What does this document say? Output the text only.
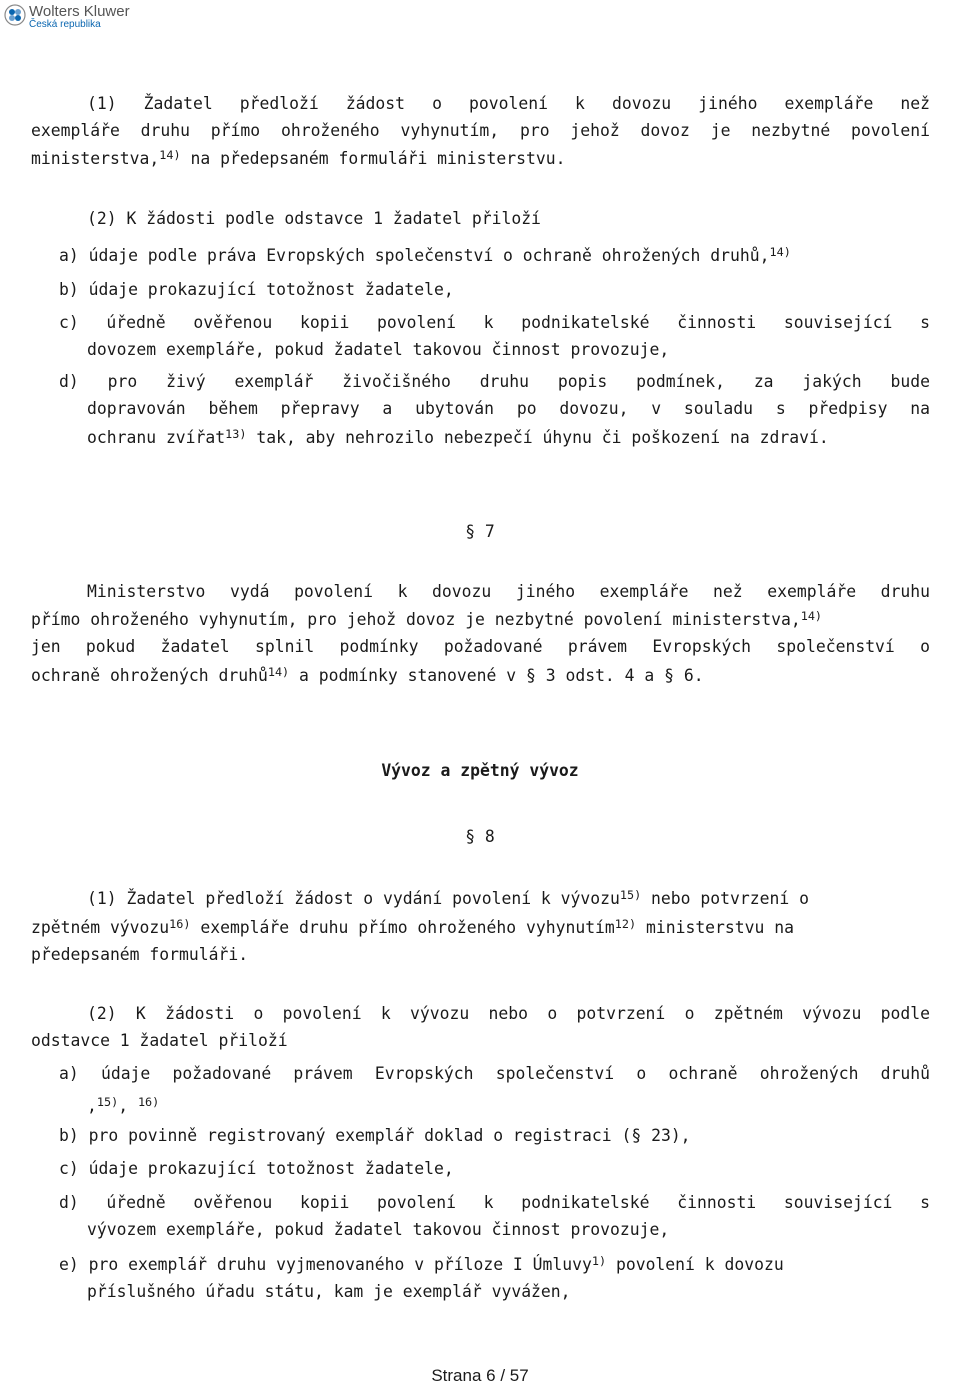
Wolters Kluwer
Česká republika
(1) Žadatel předloží žádost o povolení k dovozu jiného exempláře než
exempláře druhu přímo ohroženého vyhynutím, pro jehož dovoz je nezbytné povolení
ministerstva,$^{14)}$ na předepsaném formuláři ministerstvu.
(2) K žádosti podle odstavce 1 žadatel přiloží
a) údaje podle práva Evropských společenství o ochraně ohrožených druhů,$^{14)}$
b) údaje prokazující totožnost žadatele,
c) úředně ověřenou kopii povolení k podnikatelské činnosti související s
dovozem exempláře, pokud žadatel takovou činnost provozuje,
d) pro živý exemplář živočišného druhu popis podmínek, za jakých bude
dopravován během přepravy a ubytován po dovozu, v souladu s předpisy na
ochranu zvířat$^{13)}$ tak, aby nehrozilo nebezpečí úhynu či poškození na zdraví.
§ 7
Ministerstvo vydá povolení k dovozu jiného exempláře než exempláře druhu
přímo ohroženého vyhynutím, pro jehož dovoz je nezbytné povolení ministerstva,$^{14)}$
jen pokud žadatel splnil podmínky požadované právem Evropských společenství o
ochraně ohrožených druhů$^{14)}$ a podmínky stanovené v § 3 odst. 4 a § 6.
Vývoz a zpětný vývoz
§ 8
(1) Žadatel předloží žádost o vydání povolení k vývozu$^{15)}$ nebo potvrzení o
zpětném vývozu$^{16)}$ exempláře druhu přímo ohroženého vyhynutím$^{12)}$ ministerstvu na
předepsaném formuláři.
(2) K žádosti o povolení k vývozu nebo o potvrzení o zpětném vývozu podle
odstavce 1 žadatel přiloží
a) údaje požadované právem Evropských společenství o ochraně ohrožených druhů
,$^{15)}$, $^{16)}$
b) pro povinně registrovaný exemplář doklad o registraci (§ 23),
c) údaje prokazující totožnost žadatele,
d) úředně ověřenou kopii povolení k podnikatelské činnosti související s
vývozem exempláře, pokud žadatel takovou činnost provozuje,
e) pro exemplář druhu vyjmenovaného v příloze I Úmluvy$^{1)}$ povolení k dovozu
příslušného úřadu státu, kam je exemplář vyvážen,
Strana 6 / 57
